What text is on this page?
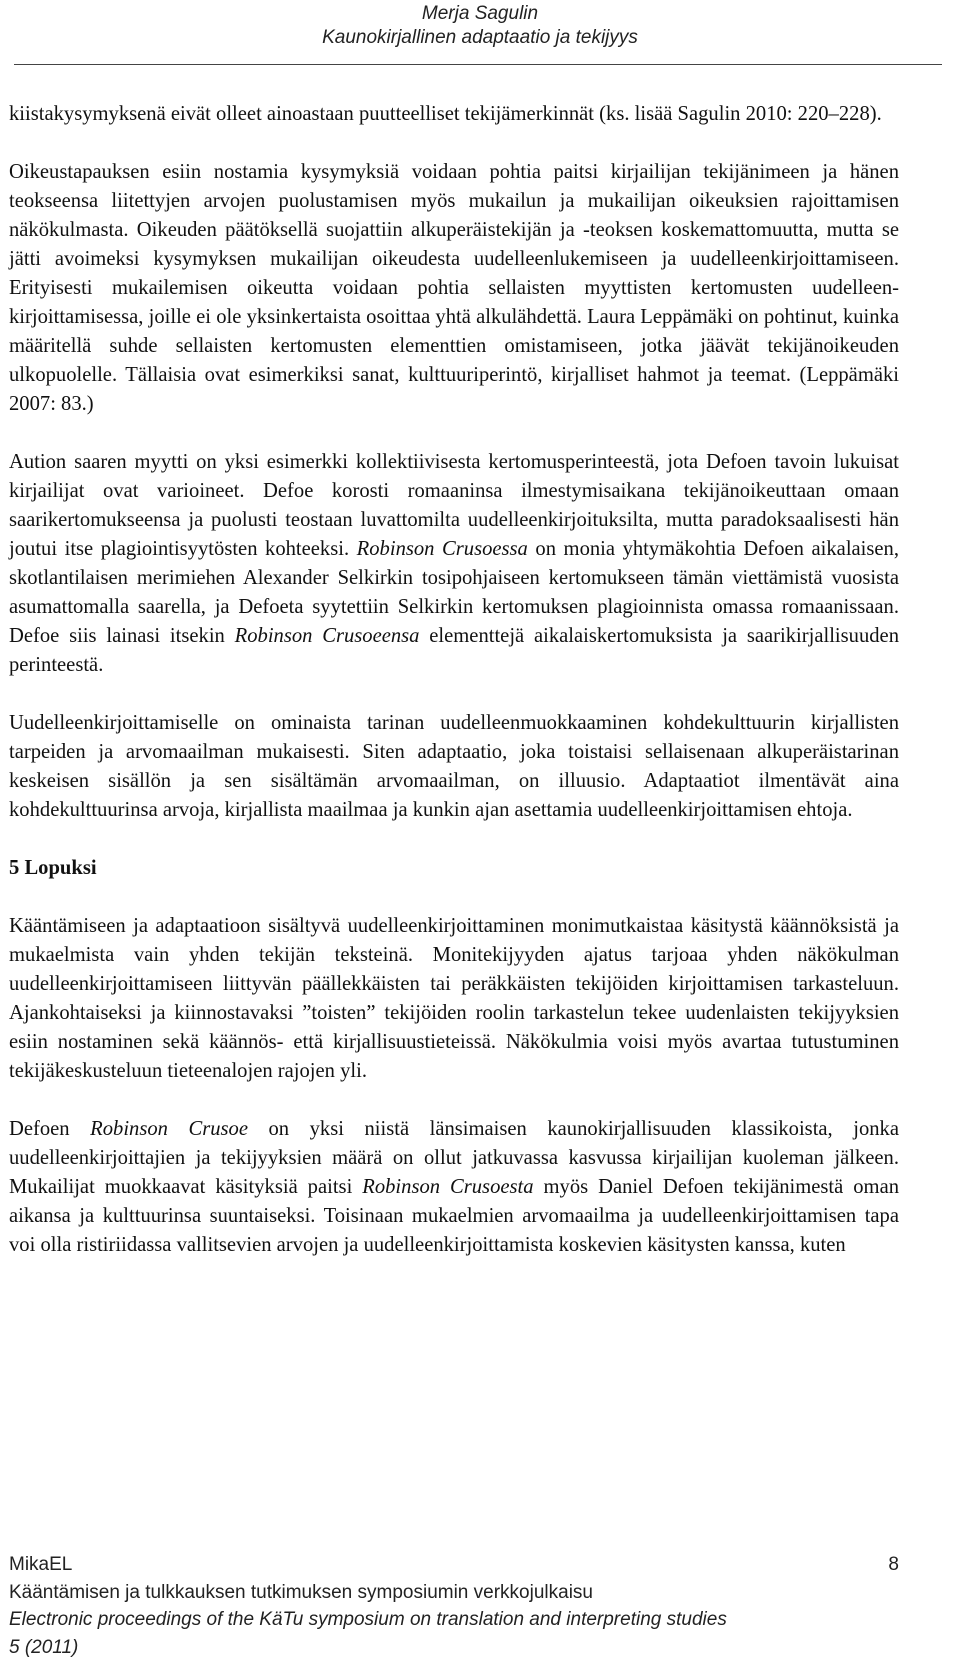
Merja Sagulin
Kaunokirjallinen adaptaatio ja tekijyys

kiistakysymyksenä eivät olleet ainoastaan puutteelliset tekijämerkinnät (ks. lisää Sagulin 2010: 220–228).

Oikeustapauksen esiin nostamia kysymyksiä voidaan pohtia paitsi kirjailijan tekijänimeen ja hänen teokseensa liitettyjen arvojen puolustamisen myös mukailun ja mukailijan oikeuksien rajoittamisen näkökulmasta. Oikeuden päätöksellä suojattiin alkuperäistekijän ja -teoksen koskemattomuutta, mutta se jätti avoimeksi kysymyksen mukailijan oikeudesta uudelleenlukemiseen ja uudelleenkirjoittamiseen. Erityisesti mukailemisen oikeutta voidaan pohtia sellaisten myyttisten kertomusten uudelleenkirjoittamisessa, joille ei ole yksinkertaista osoittaa yhtä alkulähdettä. Laura Leppämäki on pohtinut, kuinka määritellä suhde sellaisten kertomusten elementtien omistamiseen, jotka jäävät tekijänoikeuden ulkopuolelle. Tällaisia ovat esimerkiksi sanat, kulttuuriperintö, kirjalliset hahmot ja teemat. (Leppämäki 2007: 83.)

Aution saaren myytti on yksi esimerkki kollektiivisesta kertomusperinteestä, jota Defoen tavoin lukuisat kirjailijat ovat varioineet. Defoe korosti romaaninsa ilmestymisaikana tekijänoikeuttaan omaan saarikertomukseensa ja puolusti teostaan luvattomilta uudelleenkirjoituksilta, mutta paradoksaalisesti hän joutui itse plagiointisyytösten kohteeksi. Robinson Crusoessa on monia yhtymäkohtia Defoen aikalaisen, skotlantilaisen merimiehen Alexander Selkirkin tosipohjaiseen kertomukseen tämän viettämistä vuosista asumattomalla saarella, ja Defoeta syytettiin Selkirkin kertomuksen plagioinnista omassa romaanissaan. Defoe siis lainasi itsekin Robinson Crusoeensa elementtejä aikalaiskertomuksista ja saarikirjallisuuden perinteestä.

Uudelleenkirjoittamiselle on ominaista tarinan uudelleenmuokkaaminen kohdekulttuurin kirjallisten tarpeiden ja arvomaailman mukaisesti. Siten adaptaatio, joka toistaisi sellaisenaan alkuperäistarinan keskeisen sisällön ja sen sisältämän arvomaailman, on illuusio. Adaptaatiot ilmentävät aina kohdekulttuurinsa arvoja, kirjallista maailmaa ja kunkin ajan asettamia uudelleenkirjoittamisen ehtoja.

5 Lopuksi

Kääntämiseen ja adaptaatioon sisältyvä uudelleenkirjoittaminen monimutkaistaa käsitystä käännöksistä ja mukaelmista vain yhden tekijän teksteinä. Monitekijyyden ajatus tarjoaa yhden näkökulman uudelleenkirjoittamiseen liittyvän päällekkäisten tai peräkkäisten tekijöiden kirjoittamisen tarkasteluun. Ajankohtaiseksi ja kiinnostavaksi ”toisten” tekijöiden roolin tarkastelun tekee uudenlaisten tekijyyksien esiin nostaminen sekä käännös- että kirjallisuustieteissä. Näkökulmia voisi myös avartaa tutustuminen tekijäkeskusteluun tieteenalojen rajojen yli.

Defoen Robinson Crusoe on yksi niistä länsimaisen kaunokirjallisuuden klassikoista, jonka uudelleenkirjoittajien ja tekijyyksien määrä on ollut jatkuvassa kasvussa kirjailijan kuoleman jälkeen. Mukailijat muokkaavat käsityksiä paitsi Robinson Crusoesta myös Daniel Defoen tekijänimestä oman aikansa ja kulttuurinsa suuntaiseksi. Toisinaan mukaelmien arvomaailma ja uudelleenkirjoittamisen tapa voi olla ristiriidassa vallitsevien arvojen ja uudelleenkirjoittamista koskevien käsitysten kanssa, kuten

MikaEL	8
Kääntämisen ja tulkkauksen tutkimuksen symposiumin verkkojulkaisu
Electronic proceedings of the KäTu symposium on translation and interpreting studies
5 (2011)
